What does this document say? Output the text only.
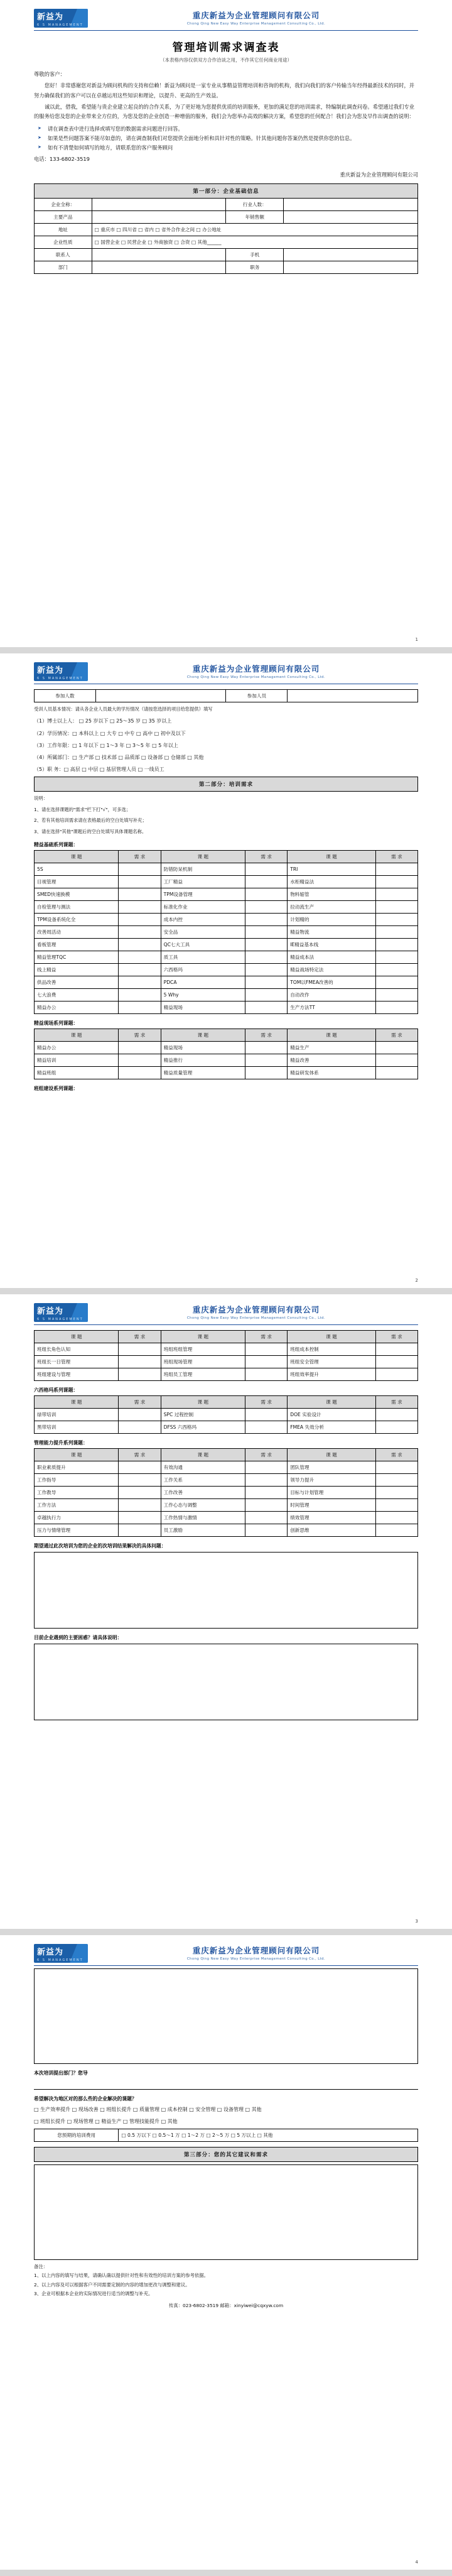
新益为
6 S MANAGEMENT
重庆新益为企业管理顾问有限公司
Chong Qing New Easy Way Enterprise Management Consulting Co., Ltd.
管理培训需求调查表
（本表格内容仅供双方合作洽谈之用，不作其它任何商业用途）
尊敬的客户：
您好！非常感谢您对新益为顾问机构的支持和信赖！新益为顾问是一家专业从事精益管理培训和咨询的机构，我们向我们的客户传输当年经得最新技术的同时，并努力确保我们的客户可以在卓越运用这些知识和理论，以提升、更高的生产效益。
诚以此，借我，希望能与贵企业建立起良的的合作关系，为了更好地为您提供优质的培训服务，更加的满足您的培训需求，特编制此调查问卷。希望通过我们专业的服务给您及您的企业带来全方位的，为您及您的企业创造一种增值的服务，我们会为您举办高效的解决方案，希望您的任何配合！我们会为您及早作出调查的说明：
➤ 请在调查表中进行选择或填写您的数据需求问题进行回答。
➤ 如果是些问题答案不能尽如意的，请在调查制我们对您提供全面地分析和具针对性的策略。针其他问题你答案仍然是提供你您的信息。
➤ 如有不清楚如何填写的地方，请联系您的客户服务顾问
电话：133-6802-3519
重庆新益为企业管理顾问有限公司
第一部分：企业基础信息			
企业全称：		行业人数：	
主要产品		年销售额	
地址	□ 重庆市 □ 四川省 □ 省内 □ 省外合作业之间 □ 办公地址		
企业性质	□ 国营企业 □ 民营企业 □ 外商独资 □ 合资 □ 其他______		
联系人		手机	
部门		职务	
1
新益为
6 S MANAGEMENT
重庆新益为企业管理顾问有限公司
Chong Qing New Easy Way Enterprise Management Consulting Co., Ltd.
参加人数		参加人员	
受训人员基本情况：请从各企业人员最大的学历情况（请按您选择的项目给您提供）填写
（1）博士以上人： □ 25 岁以下 □ 25～35 岁 □ 35 岁以上
（2）学历情况：□ 本科以上 □ 大专 □ 中专 □ 高中 □ 初中及以下
（3）工作年限：□ 1 年以下 □ 1～3 年 □ 3～5 年 □ 5 年以上
（4）所属部门：□ 生产部 □ 技术部 □ 品质部 □ 设备部 □ 仓储部 □ 其他
（5）职 务：□ 高层 □ 中层 □ 基层管理人员 □ 一线员工
第二部分：培训需求
说明：
1、请在选择课题的"需求"栏下打"√"，可多选；
2、若有其他培训需求请在表格最后的空白处填写补充；
3、请在选择"其他"课题后的空白处填写具体课题名称。
精益基础系列课题：
课 题	需 求	课 题	需 求	课 题	需 求
5S		防错防呆机制		TRI	
目视管理		工厂精益		水柜精益法	
SMED快速换模		TPM设备管理		物料缩管	
自检管理与测法		标准化作业		拉动流生产	
TPM设备系统化全		成本内控		计划精的	
改善周活动		安全品		精益物流	
看板管理		QC七大工具		IE精益基本线	
精益管理TQC		质工具		精益成本法	
线上精益		六西格玛		精益战场特定法	
供品改善		PDCA		TOM以FMEA改善的	
七大浪费		5 Why		自动改作	
精益办公		精益现场		生产方法TT	
精益现场系列课题：
课 题	需 求	课 题	需 求	课 题	需 求
精益办公		精益现场		精益生产	
精益培训		精益推行		精益改善	
精益班组		精益质量管理		精益研发体系	
班组建设系列课题：
2
新益为
6 S MANAGEMENT
重庆新益为企业管理顾问有限公司
Chong Qing New Easy Way Enterprise Management Consulting Co., Ltd.
课 题	需 求	课 题	需 求	课 题	需 求
班组长角色认知		班组班组管理		班组成本控制	
班组长一日管理		班组现场管理		班组安全管理	
班组建设与管理		班组员工管理		班组效率提升	
六西格玛系列课题：
课 题	需 求	课 题	需 求	课 题	需 求
绿带培训		SPC 过程控制		DOE 实验设计	
黑带培训		DFSS 六西格玛		FMEA 失效分析	
管理能力提升系列课题：
课 题	需 求	课 题	需 求	课 题	需 求
职业素质提升		有效沟通		团队管理	
工作指导		工作关系		领导力提升	
工作教导		工作改善		目标与计划管理	
工作方法		工作心态与调整		时间管理	
卓越执行力		工作热情与激情		绩效管理	
压力与情绪管理		员工激励		创新思维	
期望通过此次培训为您的企业的次培训结果解决的具体问题：
目前企业遇到的主要困惑？请具体说明：
3
新益为
6 S MANAGEMENT
重庆新益为企业管理顾问有限公司
Chong Qing New Easy Way Enterprise Management Consulting Co., Ltd.
本次培训提出部门？您导
希望解决为地区对的那么些的企业解决的课题？
□ 生产效率提升 □ 现场改善 □ 班组长提升 □ 质量管理 □ 成本控制 □ 安全管理 □ 设备管理 □ 其他
□ 班组长提升 □ 现场管理 □ 精益生产 □ 管理技能提升 □ 其他
您预期的培训费用	□ 0.5 万以下 □ 0.5～1 万 □ 1～2 万 □ 2～5 万 □ 5 万以上 □ 其他
第三部分：您的其它建议和需求
备注：
1、以上内容的填写与结果，请确认确以提供针对性和有效性的培训方案的参考依据。
2、以上内容及可以根据客户不同需要定制的内容的增加更改与调整和建议。
3、企业可根据本企业的实际情况进行适当的调整与补充。
传真：023-6802-3519 邮箱：xinyiwei@cqxyw.com
4
